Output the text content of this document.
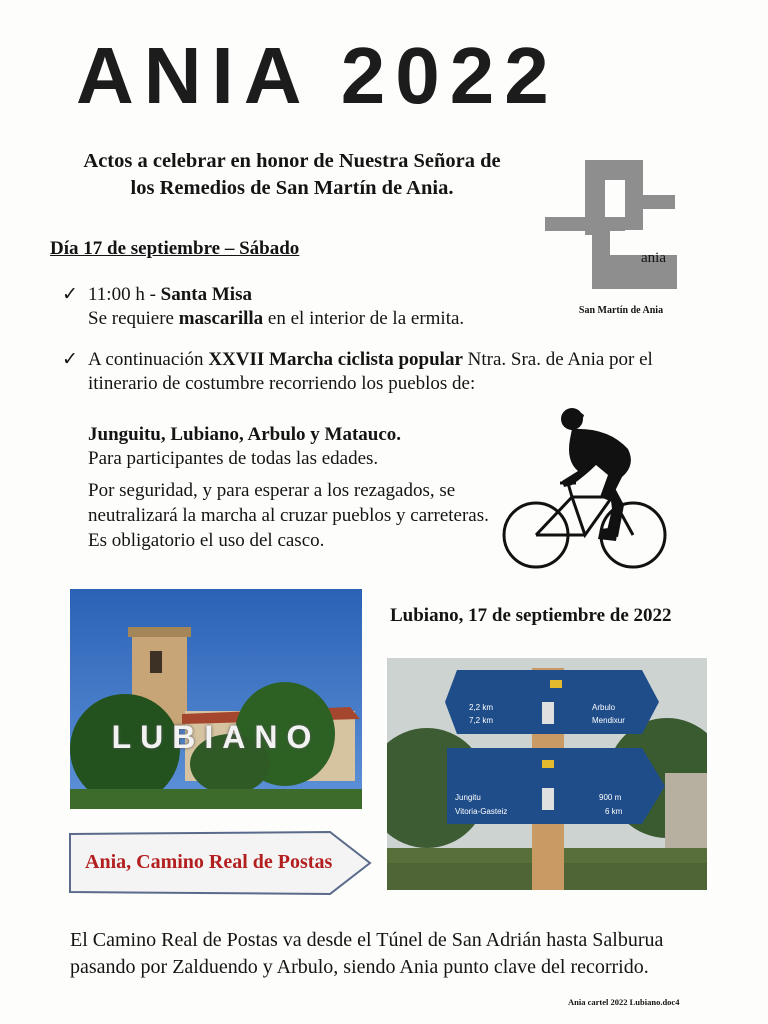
ANIA 2022
Actos a celebrar en honor de Nuestra Señora de
los Remedios de San Martín de Ania.
ania
San Martín de Ania
Día 17 de septiembre – Sábado
✓ 11:00 h - Santa Misa
Se requiere mascarilla en el interior de la ermita.
✓ A continuación XXVII Marcha ciclista popular Ntra. Sra. de Ania por el
itinerario de costumbre recorriendo los pueblos de:
Junguitu, Lubiano, Arbulo y Matauco.
Para participantes de todas las edades.
Por seguridad, y para esperar a los rezagados, se neutralizará la marcha al cruzar pueblos y carreteras. Es obligatorio el uso del casco.
LUBIANO
Lubiano, 17 de septiembre de 2022
2,2 km
7,2 km
Arbulo
Mendixur
Jungitu
Vitoria-Gasteiz
900 m
6 km
Ania, Camino Real de Postas
El Camino Real de Postas va desde el Túnel de San Adrián hasta Salburua
pasando por Zalduendo y Arbulo, siendo Ania punto clave del recorrido.
Ania cartel 2022 Lubiano.doc4
